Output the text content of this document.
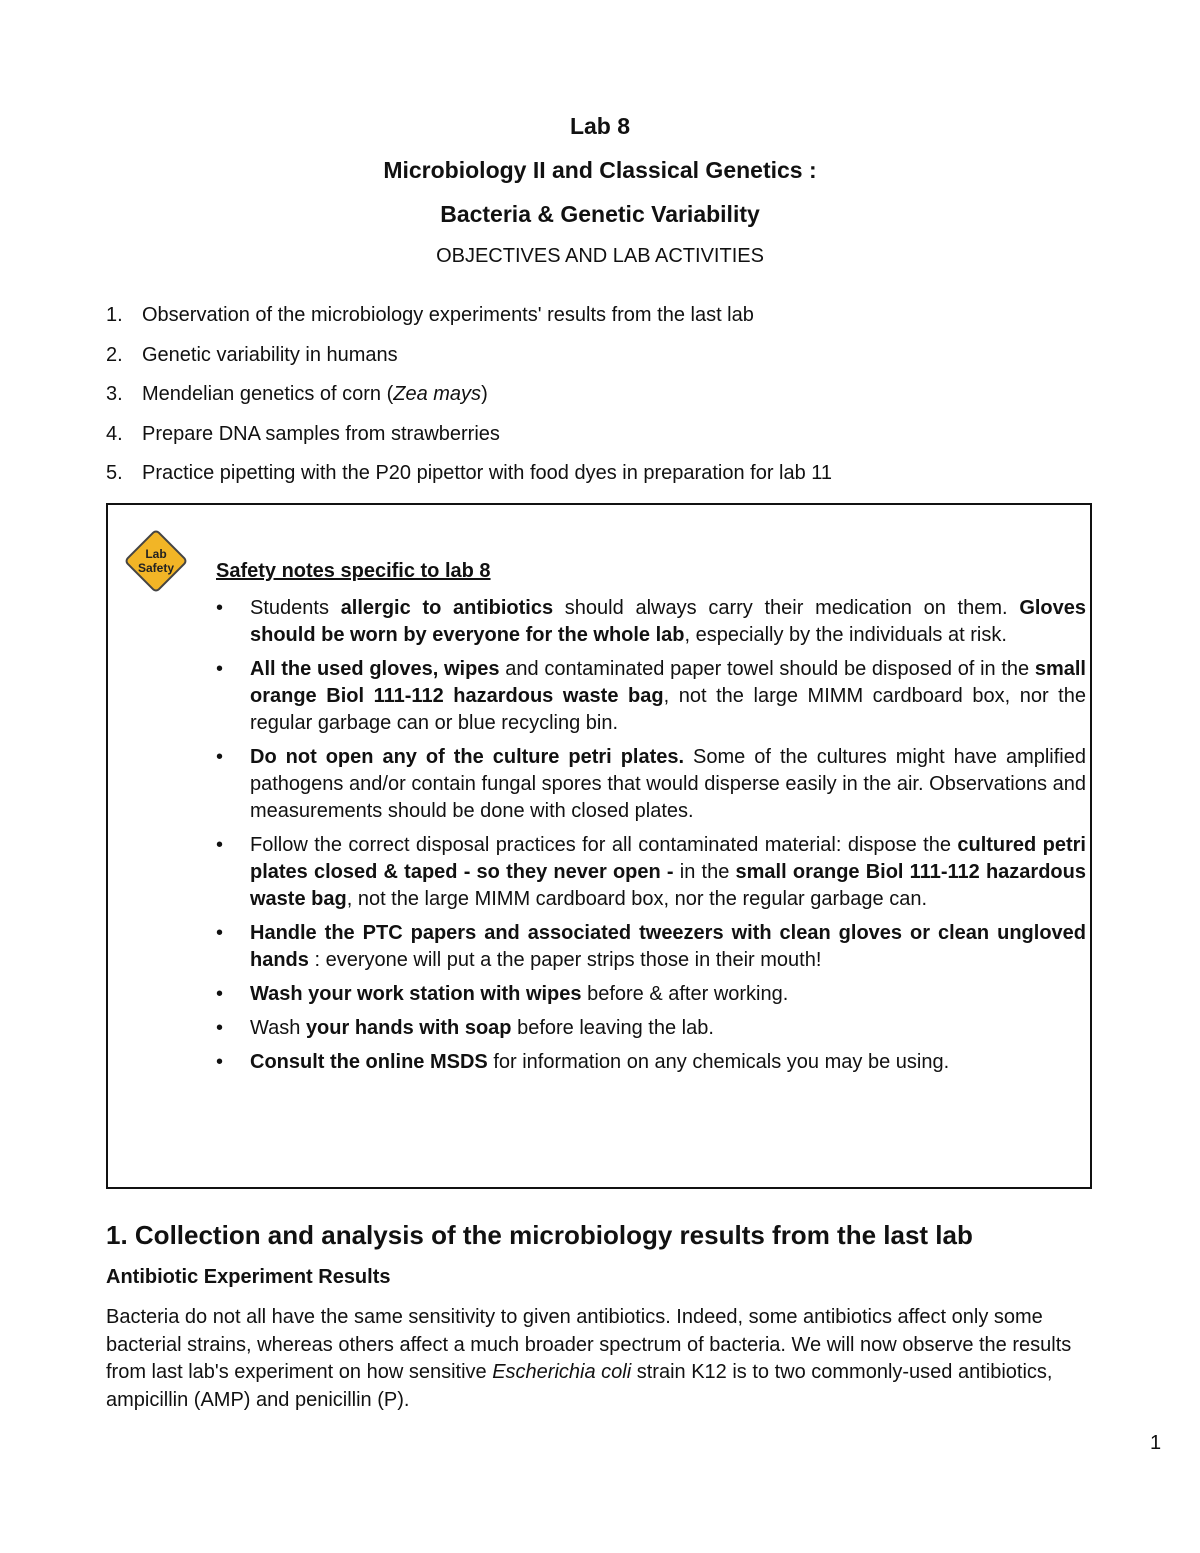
Lab 8

Microbiology II and Classical Genetics :

Bacteria & Genetic Variability

OBJECTIVES AND LAB ACTIVITIES
1. Observation of the microbiology experiments' results from the last lab
2. Genetic variability in humans
3. Mendelian genetics of corn (Zea mays)
4. Prepare DNA samples from strawberries
5. Practice pipetting with the P20 pipettor with food dyes in preparation for lab 11
Lab
Safety Safety notes specific to lab 8
• Students allergic to antibiotics should always carry their medication on them. Gloves should be worn by everyone for the whole lab, especially by the individuals at risk.
• All the used gloves, wipes and contaminated paper towel should be disposed of in the small orange Biol 111-112 hazardous waste bag, not the large MIMM cardboard box, nor the regular garbage can or blue recycling bin.
• Do not open any of the culture petri plates. Some of the cultures might have amplified pathogens and/or contain fungal spores that would disperse easily in the air. Observations and measurements should be done with closed plates.
• Follow the correct disposal practices for all contaminated material: dispose the cultured petri plates closed & taped - so they never open - in the small orange Biol 111-112 hazardous waste bag, not the large MIMM cardboard box, nor the regular garbage can.
• Handle the PTC papers and associated tweezers with clean gloves or clean ungloved hands : everyone will put a the paper strips those in their mouth!
• Wash your work station with wipes before & after working.
• Wash your hands with soap before leaving the lab.
• Consult the online MSDS for information on any chemicals you may be using.
1. Collection and analysis of the microbiology results from the last lab
Antibiotic Experiment Results

Bacteria do not all have the same sensitivity to given antibiotics. Indeed, some antibiotics affect only some bacterial strains, whereas others affect a much broader spectrum of bacteria. We will now observe the results from last lab's experiment on how sensitive Escherichia coli strain K12 is to two commonly-used antibiotics, ampicillin (AMP) and penicillin (P).

1
